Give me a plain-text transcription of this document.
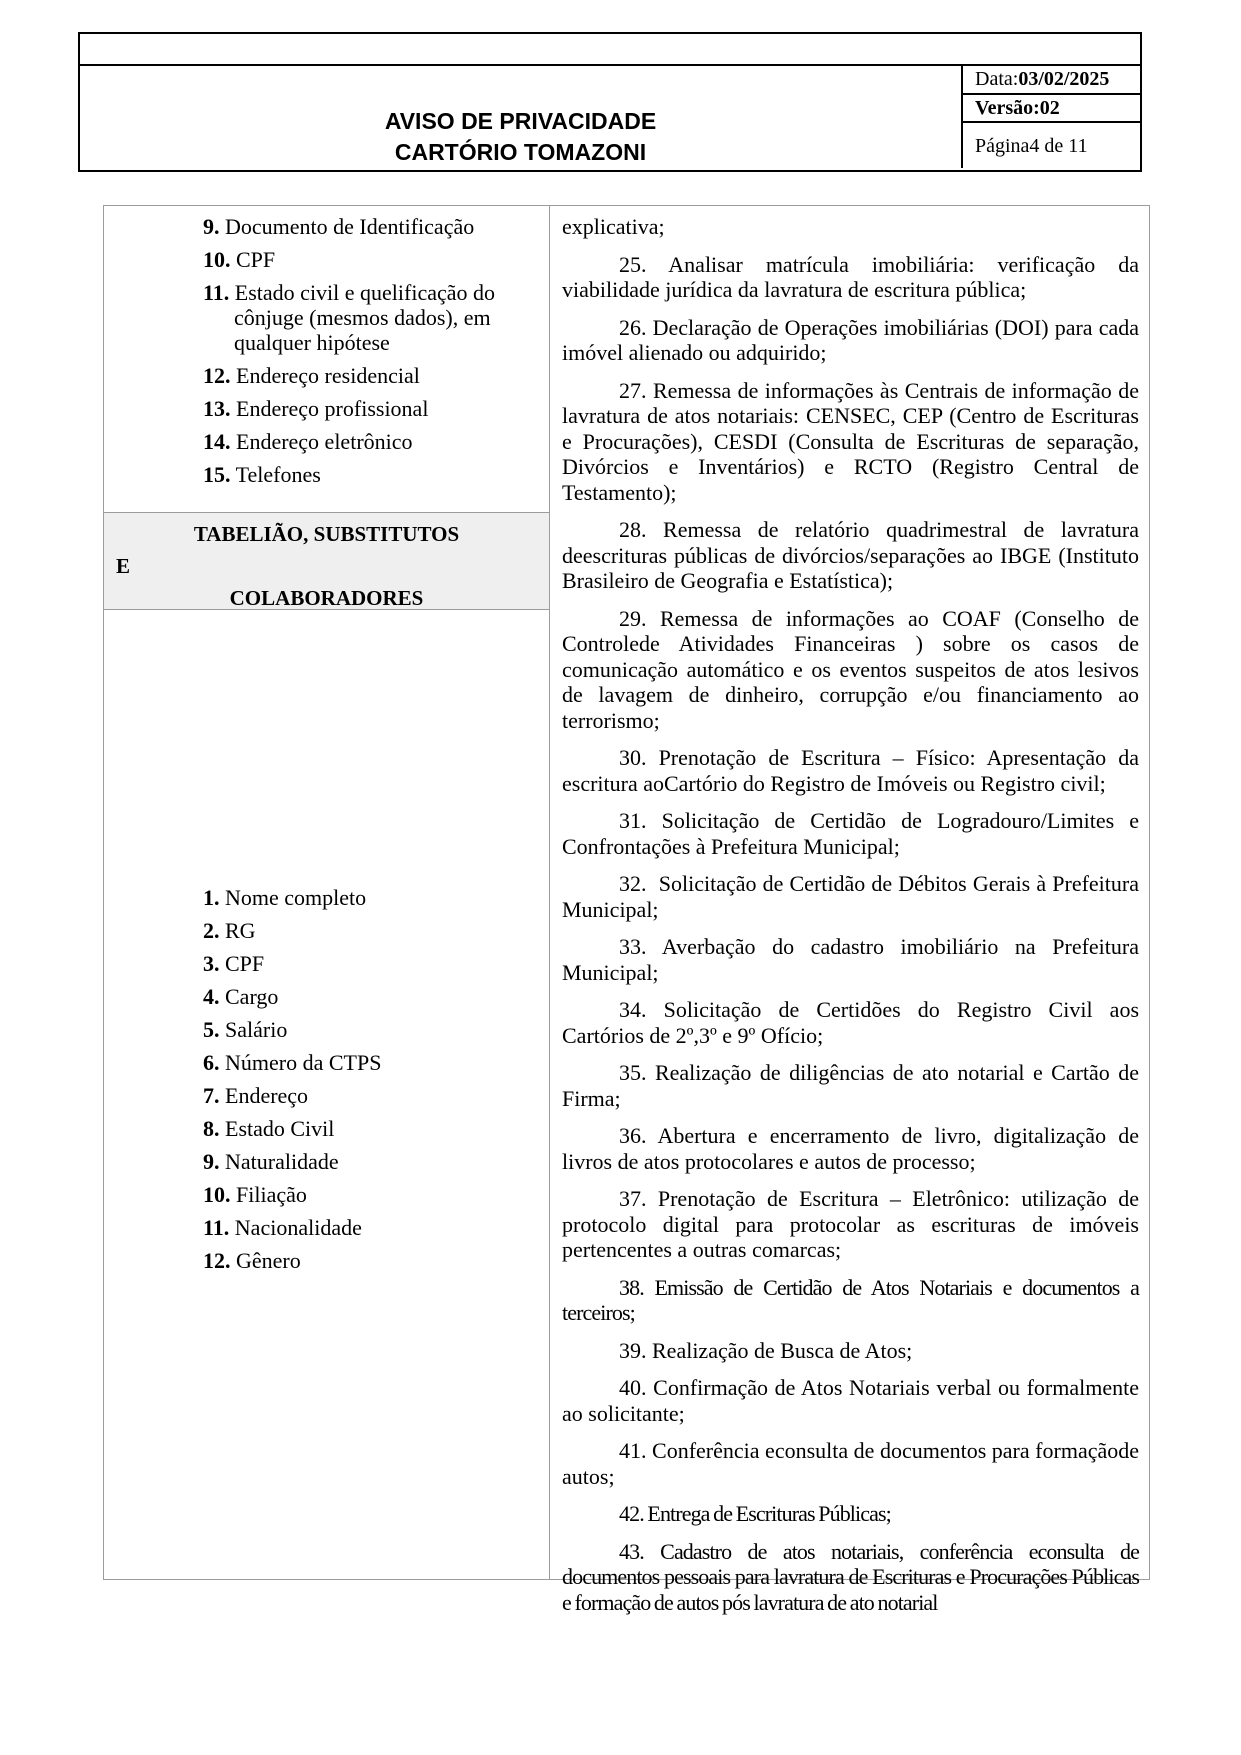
AVISO DE PRIVACIDADE
CARTÓRIO TOMAZONI
Data:03/02/2025
Versão:02
Página4 de 11
9. Documento de Identificação
10. CPF
11. Estado civil e quelificação do cônjuge (mesmos dados), em qualquer hipótese
12. Endereço residencial
13. Endereço profissional
14. Endereço eletrônico
15. Telefones
TABELIÃO, SUBSTITUTOS
E
COLABORADORES
1. Nome completo
2. RG
3. CPF
4. Cargo
5. Salário
6. Número da CTPS
7. Endereço
8. Estado Civil
9. Naturalidade
10. Filiação
11. Nacionalidade
12. Gênero

explicativa;

25. Analisar matrícula imobiliária: verificação da viabilidade jurídica da lavratura de escritura pública;

26. Declaração de Operações imobiliárias (DOI) para cada imóvel alienado ou adquirido;

27. Remessa de informações às Centrais de informação de lavratura de atos notariais: CENSEC, CEP (Centro de Escrituras e Procurações), CESDI (Consulta de Escrituras de separação, Divórcios e Inventários) e RCTO (Registro Central de Testamento);

28. Remessa de relatório quadrimestral de lavratura deescrituras públicas de divórcios/separações ao IBGE (Instituto Brasileiro de Geografia e Estatística);

29. Remessa de informações ao COAF (Conselho de Controlede Atividades Financeiras ) sobre os casos de comunicação automático e os eventos suspeitos de atos lesivos de lavagem de dinheiro, corrupção e/ou financiamento ao terrorismo;

30. Prenotação de Escritura – Físico: Apresentação da escritura aoCartório do Registro de Imóveis ou Registro civil;

31. Solicitação de Certidão de Logradouro/Limites e Confrontações à Prefeitura Municipal;

32. Solicitação de Certidão de Débitos Gerais à Prefeitura Municipal;

33. Averbação do cadastro imobiliário na Prefeitura Municipal;

34. Solicitação de Certidões do Registro Civil aos Cartórios de 2º,3º e 9º Ofício;

35. Realização de diligências de ato notarial e Cartão de Firma;

36. Abertura e encerramento de livro, digitalização de livros de atos protocolares e autos de processo;

37. Prenotação de Escritura – Eletrônico: utilização de protocolo digital para protocolar as escrituras de imóveis pertencentes a outras comarcas;

38. Emissão de Certidão de Atos Notariais e documentos a terceiros;

39. Realização de Busca de Atos;

40. Confirmação de Atos Notariais verbal ou formalmente ao solicitante;

41. Conferência econsulta de documentos para formaçãode autos;

42. Entrega de Escrituras Públicas;

43. Cadastro de atos notariais, conferência econsulta de documentos pessoais para lavratura de Escrituras e Procurações Públicas e formação de autos pós lavratura de ato notarial
